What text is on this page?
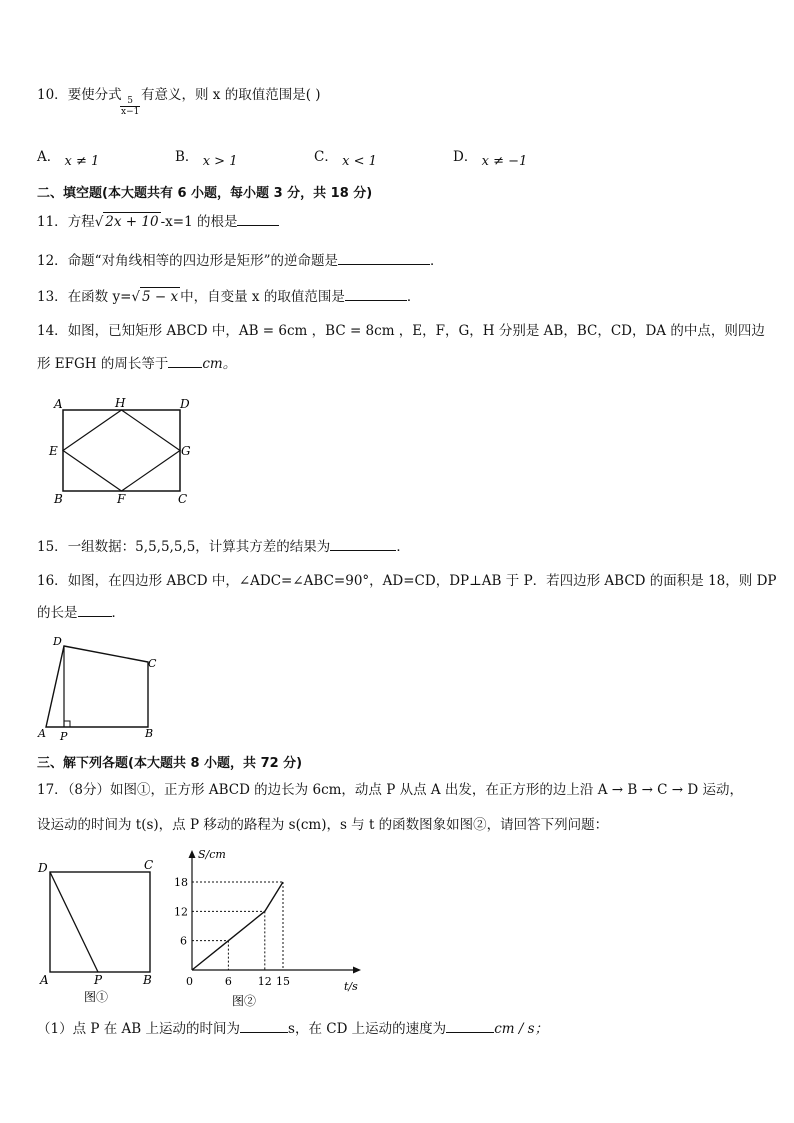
10．要使分式
$\frac{5}{x-1}$
有意义，则 x 的取值范围是( )
A． x ≠ 1	B． x > 1	C． x < 1	D． x ≠ −1
二、填空题(本大题共有 6 小题，每小题 3 分，共 18 分)
11．方程√ 2x + 10 -x=1 的根是
12．命题“对角线相等的四边形是矩形”的逆命题是	．
13．在函数 y=√ 5 − x 中，自变量 x 的取值范围是	．
14．如图，已知矩形 ABCD 中，AB = 6cm ，BC = 8cm ，E，F，G，H 分别是 AB，BC，CD，DA 的中点，则四边
形 EFGH 的周长等于	cm。
A	H	D
E	G
B	F	C
15．一组数据：5,5,5,5,5，计算其方差的结果为	．
16．如图，在四边形 ABCD 中，∠ADC=∠ABC=90°，AD=CD，DP⊥AB 于 P．若四边形 ABCD 的面积是 18，则 DP
的长是	．
D
C
A P	B
三、解下列各题(本大题共 8 小题，共 72 分)
17．（8分）如图①，正方形 ABCD 的边长为 6cm，动点 P 从点 A 出发，在正方形的边上沿 A → B → C → D 运动，
设运动的时间为 t(s)，点 P 移动的路程为 s(cm)，s 与 t 的函数图象如图②，请回答下列问题：
D	C
A	P	B
图①
S/cm
t/s
0
图②
6 12 15
6
12
18
（1）点 P 在 AB 上运动的时间为	s，在 CD 上运动的速度为	cm / s；
